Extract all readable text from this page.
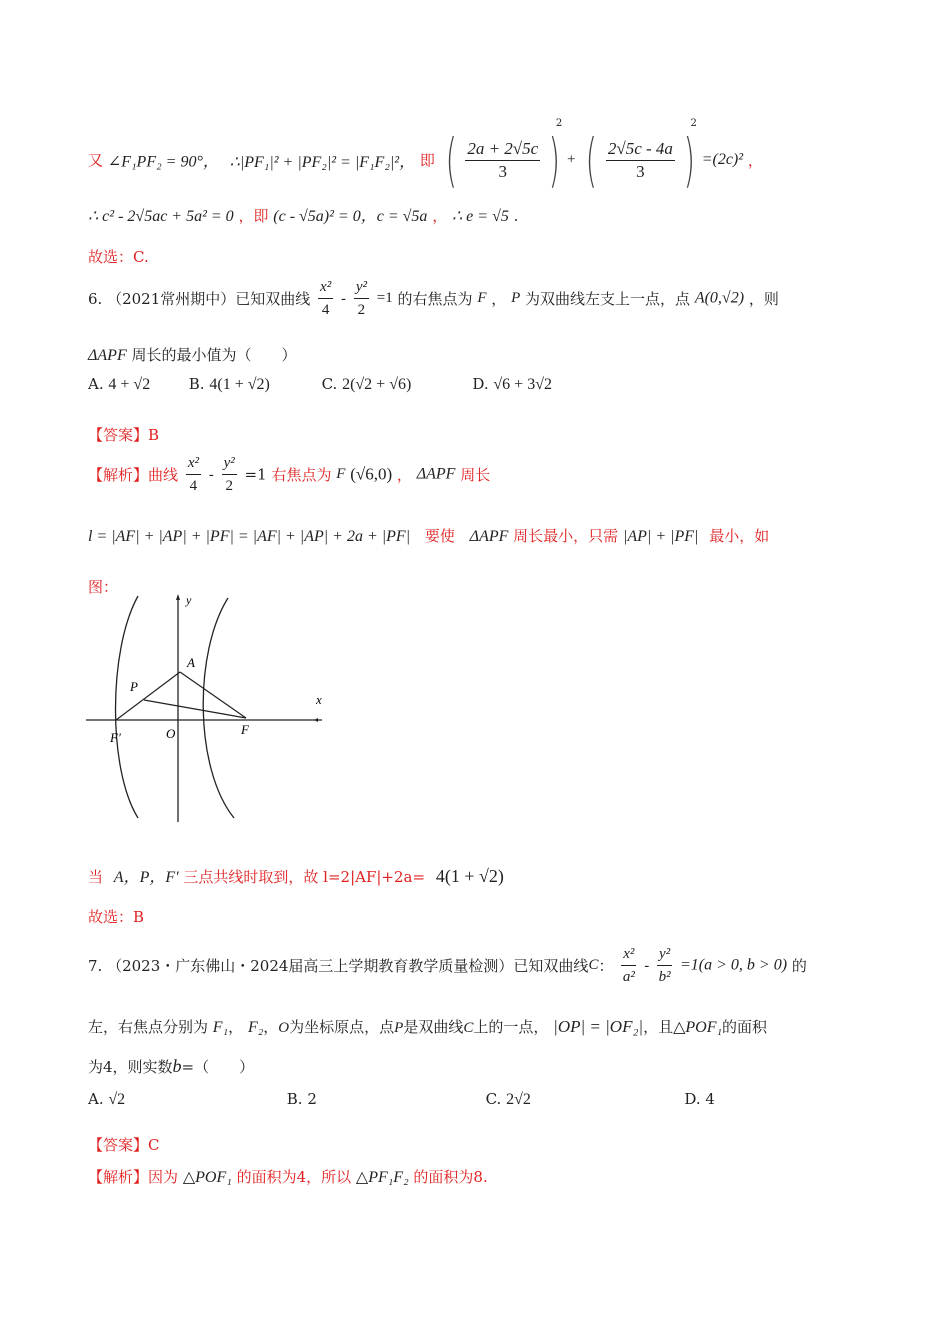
又 ∠F₁PF₂ = 90°， ∴|PF₁|² + |PF₂|² = |F₁F₂|²， 即 ( $\frac{2a + 2√5c}{3} )^2$ + ( $\frac{2√5c - 4a}{3} )^2 =(2c)^2$ ，
∴ c² - 2√5ac + 5a² = 0 ，即 (c - √5a)² = 0，c = √5a ， ∴ e = √5 .
故选：C.
6. （2021常州期中）已知双曲线 $\frac{\text{x²}}{4} - \frac{\text{y²}}{2} =1$ 的右焦点为 F ， P 为双曲线左支上一点，点 A(0,√2) ，则
ΔAPF 周长的最小值为（　　）
A. 4 + √2	B. 4(1 + √2)	C. 2(√2 + √6)	D. √6 + 3√2
【答案】B
【解析】曲线 $\frac{\text{x²}}{4} - \frac{\text{y²}}{2} =1$ 右焦点为 F (√6,0) ， ΔAPF 周长
l = |AF| + |AP| + |PF| = |AF| + |AP| + 2a + |PF| 要使 ΔAPF 周长最小，只需 |AP| + |PF| 最小，如
图：
y
x
A
P
O	F
F′
当 A，P，F′ 三点共线时取到，故 l=2|AF|+2a= 4(1 + √2)
故选：B
7. （2023・广东佛山・2024届高三上学期教育教学质量检测）已知双曲线C： $\frac{\text{x²}}{\text{a²}} - \frac{\text{y²}}{\text{b²}} =1(a > 0$, b > 0) 的
左，右焦点分别为 F₁， F₂，O为坐标原点，点P是双曲线C上的一点， |OP| = |OF₂|，且△POF₁的面积
为4，则实数b=（　　）
A. √2	B. 2	C. 2√2	D. 4
【答案】C
【解析】因为 △POF₁ 的面积为4，所以 △PF₁F₂ 的面积为8.
